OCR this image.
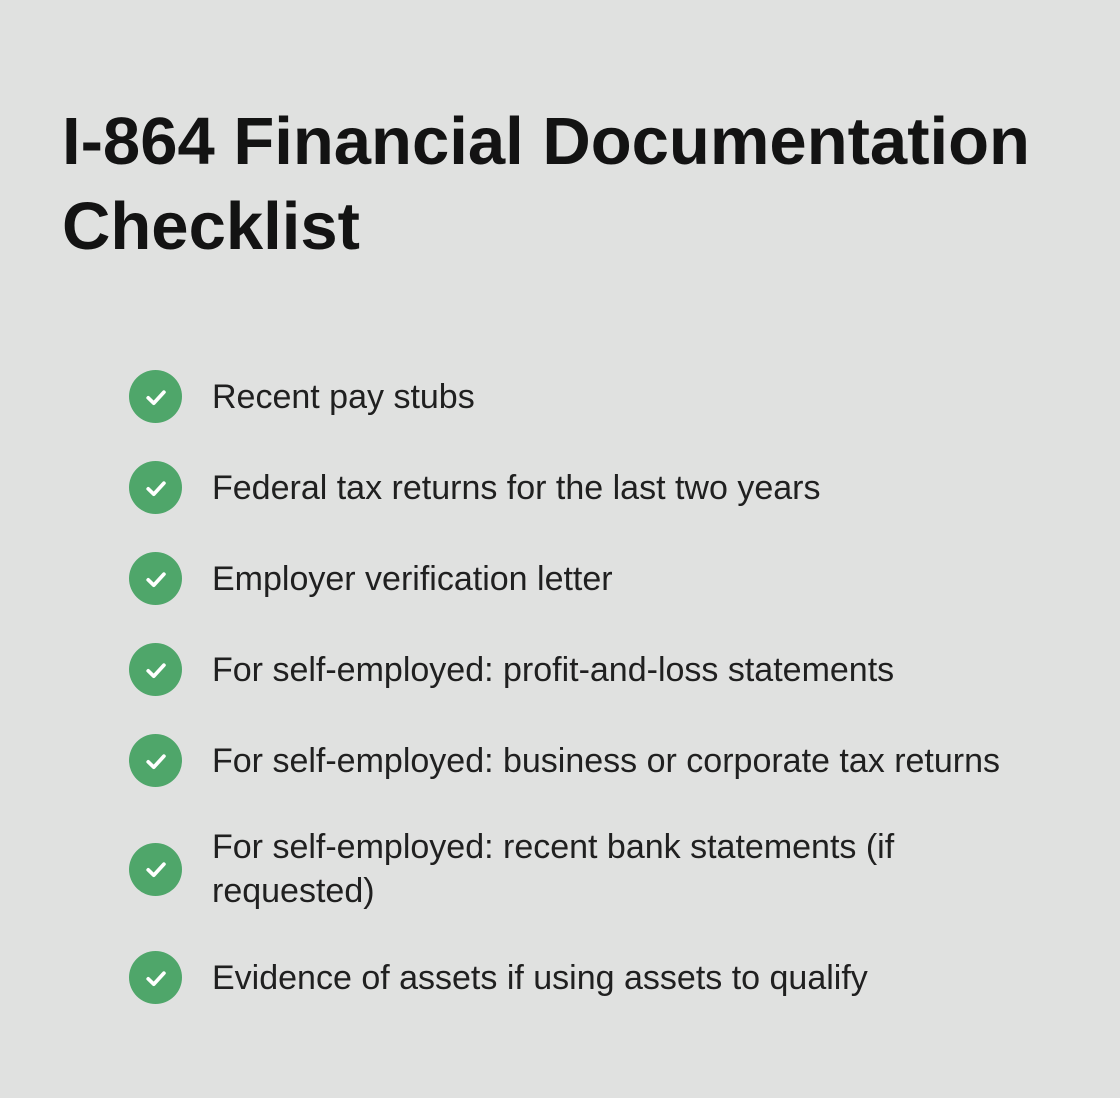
I-864 Financial Documentation Checklist
Recent pay stubs
Federal tax returns for the last two years
Employer verification letter
For self-employed: profit-and-loss statements
For self-employed: business or corporate tax returns
For self-employed: recent bank statements (if requested)
Evidence of assets if using assets to qualify
